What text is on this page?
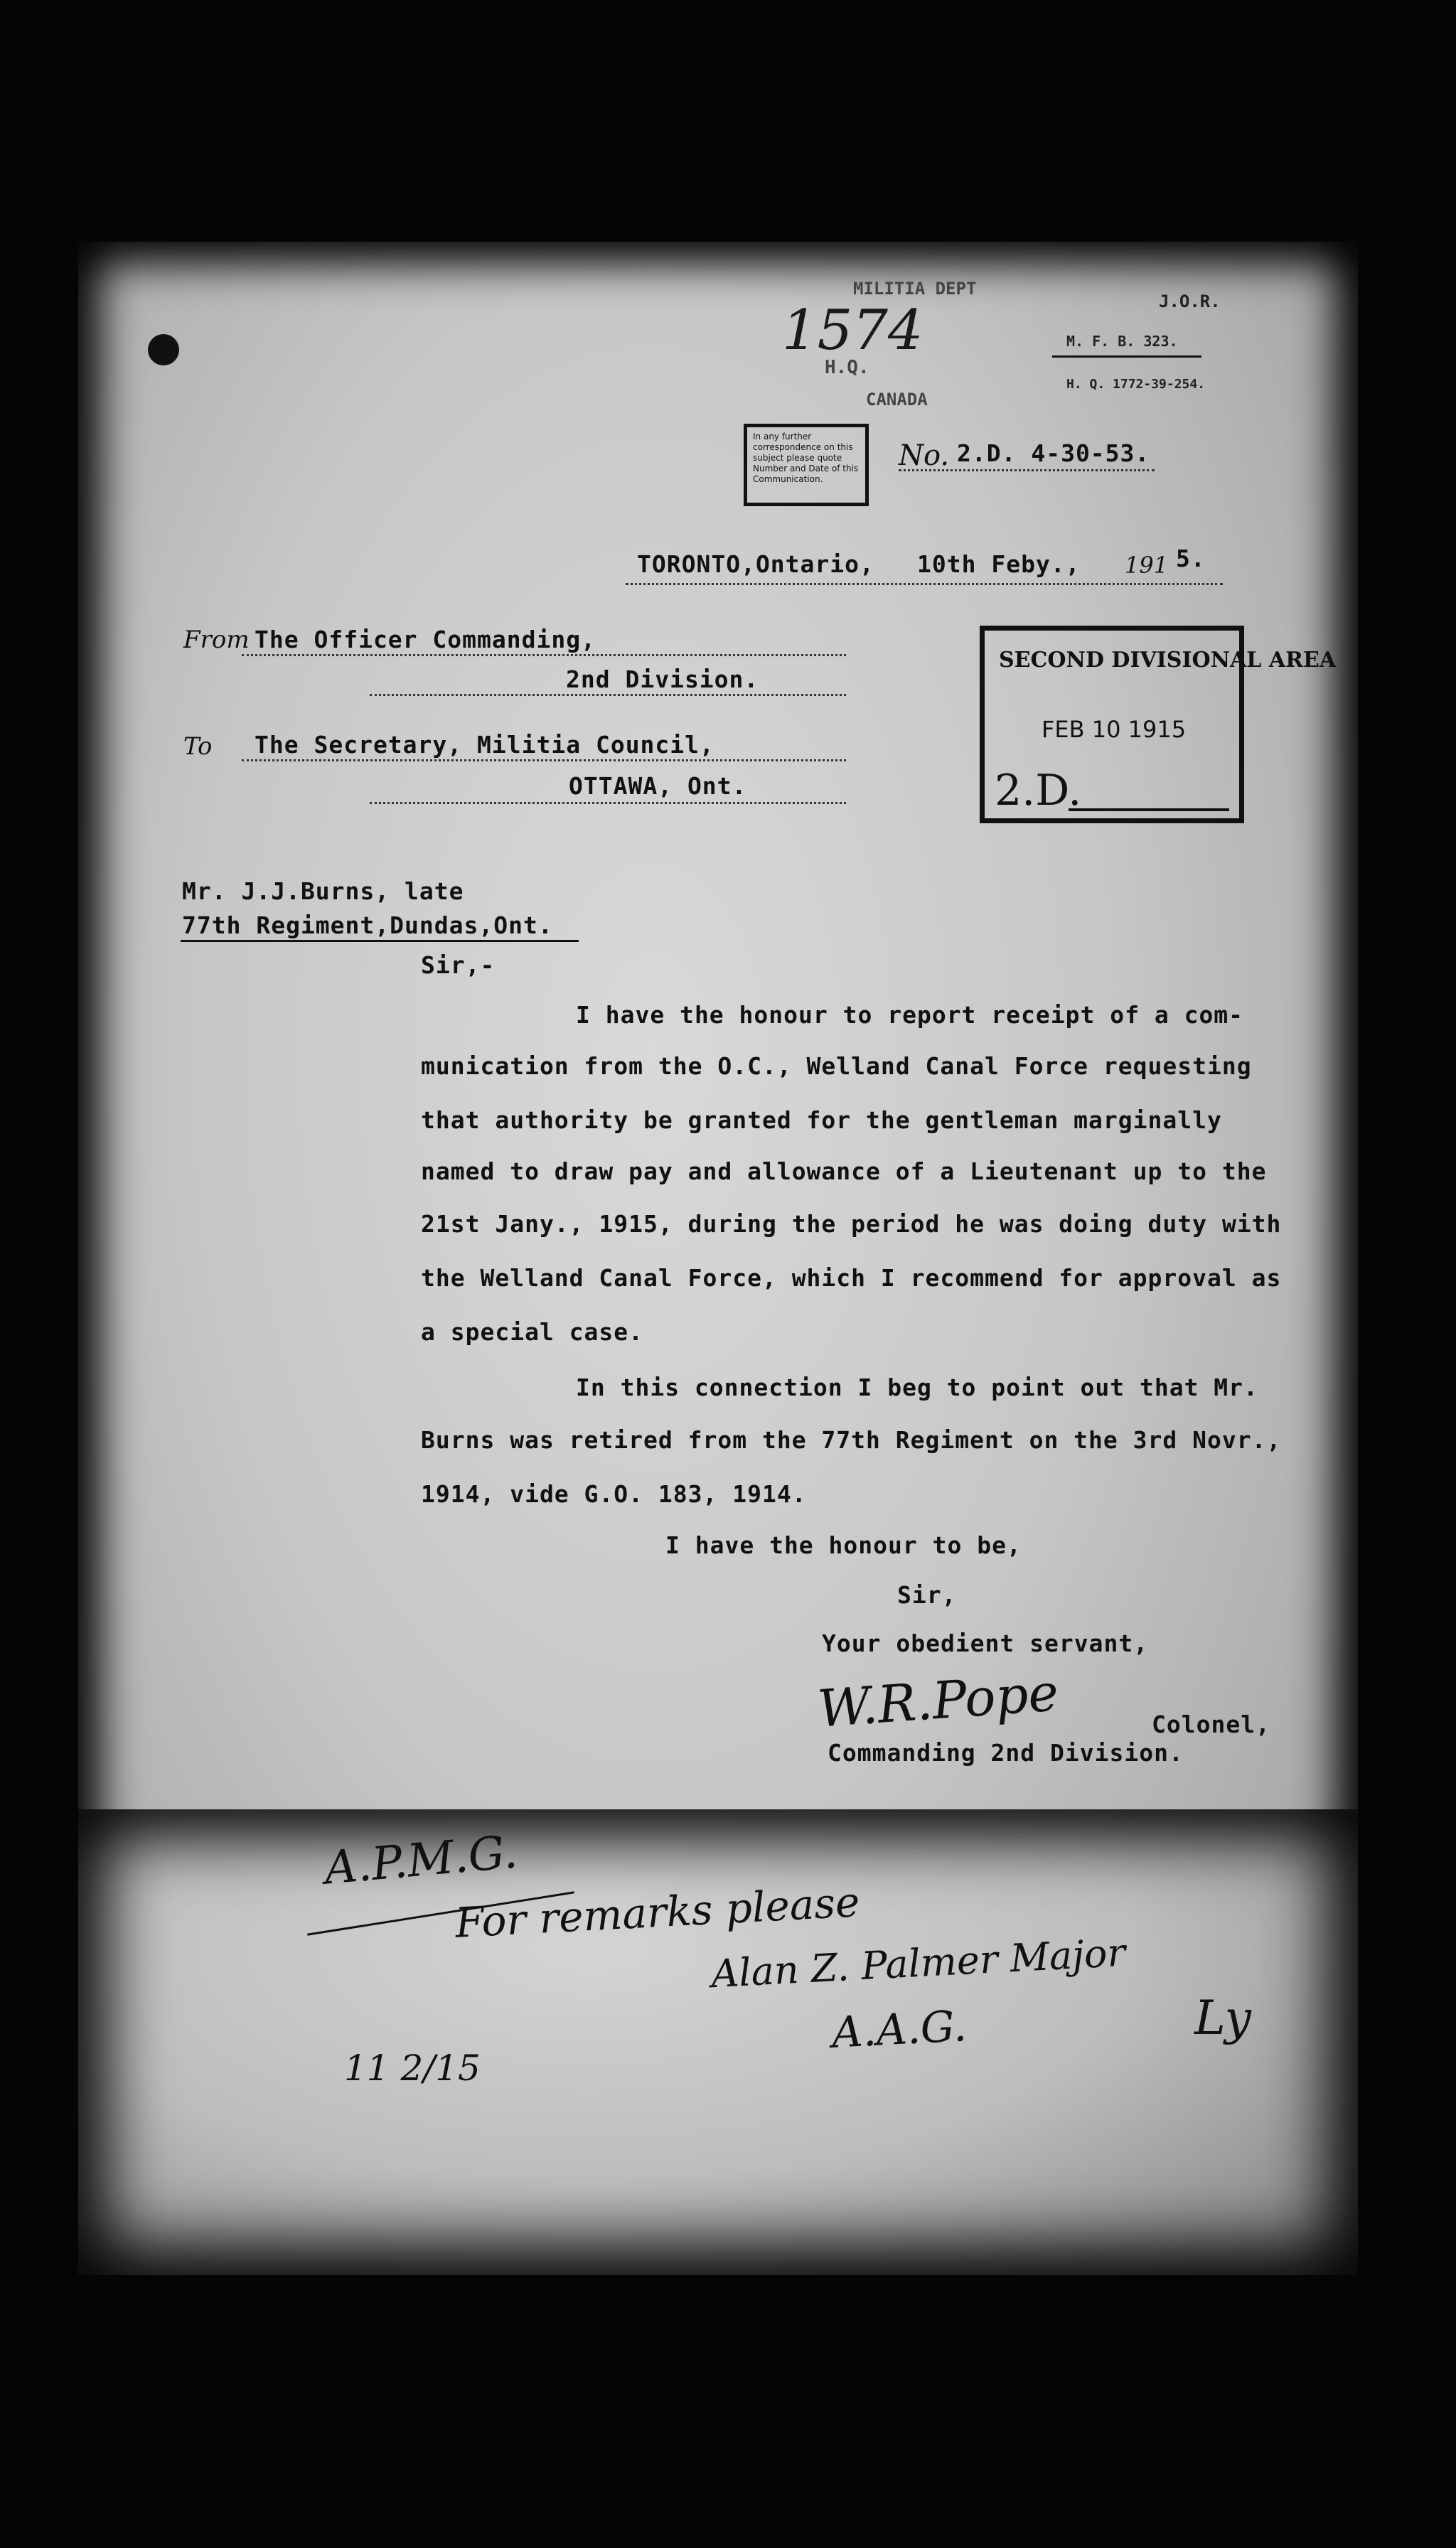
1574
MILITIA DEPT
H.Q.
CANADA
J.O.R.
M. F. B. 323.
H. Q. 1772-39-254.
In any further correspondence on this subject please quote Number and Date of this Communication.
No. 2.D. 4-30-53.
TORONTO,Ontario, 10th Feby., 191 5.
From The Officer Commanding,
2nd Division.
To The Secretary, Militia Council,
OTTAWA, Ont.
SECOND DIVISIONAL AREA
FEB 10 1915
2.D.
Mr. J.J.Burns, late
77th Regiment,Dundas,Ont.
Sir,-
I have the honour to report receipt of a com-
munication from the O.C., Welland Canal Force requesting
that authority be granted for the gentleman marginally
named to draw pay and allowance of a Lieutenant up to the
21st Jany., 1915, during the period he was doing duty with
the Welland Canal Force, which I recommend for approval as
a special case.
In this connection I beg to point out that Mr.
Burns was retired from the 77th Regiment on the 3rd Novr.,
1914, vide G.O. 183, 1914.
I have the honour to be,
Sir,
Your obedient servant,
W.R.Pope	Colonel,
Commanding 2nd Division.
A.P.M.G.
For remarks please
Alan Z. Palmer Major
A.A.G.	Ly
11 2/15
